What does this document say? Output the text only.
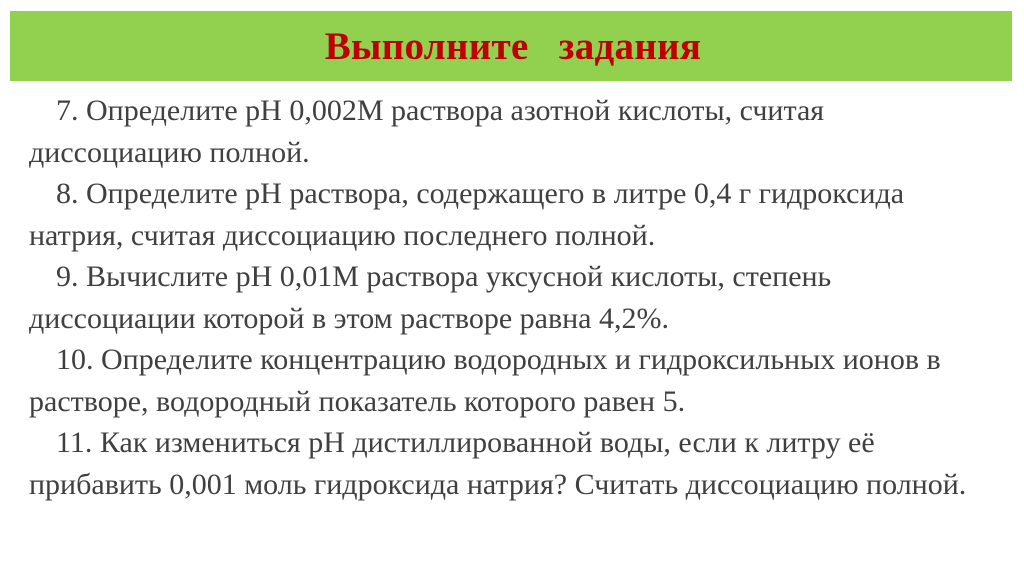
Выполните   задания
7. Определите pH 0,002M раствора азотной кислоты, считая диссоциацию полной.
8. Определите pH раствора, содержащего в литре 0,4 г гидроксида натрия, считая диссоциацию последнего полной.
9. Вычислите pH 0,01M раствора уксусной кислоты, степень диссоциации которой в этом растворе равна 4,2%.
10. Определите концентрацию водородных и гидроксильных ионов в растворе, водородный показатель которого равен 5.
11. Как измениться pH дистиллированной воды, если к литру её прибавить 0,001 моль гидроксида натрия? Считать диссоциацию полной.
